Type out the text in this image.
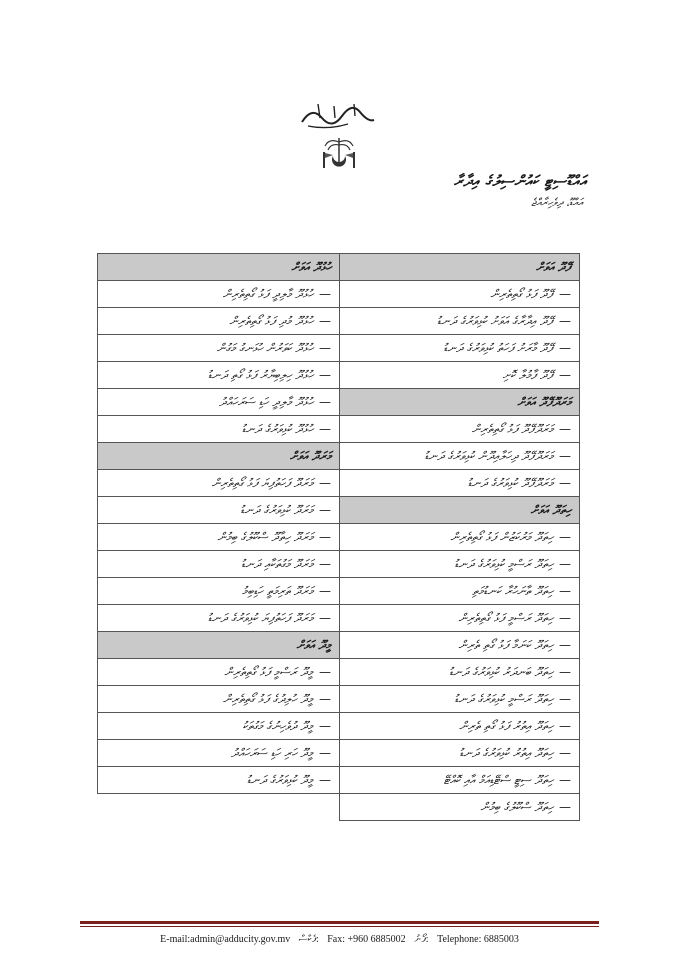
އައްޑޫސިޓީ ކައުންސިލުގެ އިދާރާ
އައްޑޫ، ދިވެހިރާއްޖެ
ހުޅުދޫ އަވަށް
—ހުޅުދޫ މާލިދީ ފަޅު ގޯތިތެރިން
—ހުޅުދޫ މުދި ފަޅު ގޯތިތެރިން
—ހުޅުދޫ ކަވަރުން ހުޅަނގު މަގުން
—ހުޅުދޫ ހިލިބިޔާރު ފަޅު ގޯތި ދަނޑު
—ހުޅުދޫ މާލިދީ ހަޑި ސަރަހައްދު
—ހުޅުދޫ ކުޅިވަރުގެ ދަނޑު
މަރަދޫ އަވަށް
—މަރަދޫ ފަހަތުފިޔަ ފަޅު ގޯތިތެރިން
—މަރަދޫ ކުޅިވަރުގެ ދަނޑު
—މަރަދޫ ހިތާދޫ ސްކޫލުގެ ބިމުން
—މަރަދޫ މަގުތަކާއި ދަނޑު
—މަރަދޫ ތަރިމަތީ ހަޑިބިމު
—މަރަދޫ ފަހަތުފިޔަ ކުޅިވަރުގެ ދަނޑު
މީދޫ އަވަށް
—މީދޫ ރަސްމީ ފަޅު ގޯތިތެރިން
—މީދޫ ހުލިދުގެ ފަޅު ގޯތިތެރިން
—މީދޫ ދުވެހިނުގެ މަގުތަކު
—މީދޫ ހަރި ހަޑި ސަރަހައްދު
—މީދޫ ކުޅިވަރުގެ ދަނޑު
ފޭދޫ އަވަށް
—ފޭދޫ ފަޅު ގޯތިތެރިން
—ފޭދޫ އިދާރާގެ އަވަށު ކުޅިވަރުގެ ދަނޑު
—ފޭދޫ މާރަށު ފަހަތު ކުޅިވަރުގެ ދަނޑު
—ފޭދޫ ފާމުލާ ކޮށި
މަރަދޫފޭދޫ އަވަށް
—މަރަދޫފޭދޫ ފަޅު ގޯތިތެރިން
—މަރަދޫފޭދޫ ދިހަލާއިދޫން ކުޅިވަރުގެ ދަނޑު
—މަރަދޫފޭދޫ ކުޅިވަރުގެ ދަނޑު
ހިތަދޫ އަވަށް
—ހިތަދޫ މަރުކަޒުން ފަޅު ގޯތިތެރިން
—ހިތަދޫ ރަސްމީ ކުޅިވަރުގެ ދަނޑު
—ހިތަދޫ ތާނަހުރާ ކަނޑުމަތި
—ހިތަދޫ ރަސްމީ ފަޅު ގޯތިތެރިން
—ހިތަދޫ ކަނަމާ ފަޅު ގޯތި ތެރިން
—ހިތަދޫ ބަނދަރު ކުޅިވަރުގެ ދަނޑު
—ހިތަދޫ ރަސްމީ ކުޅިވަރުގެ ދަނޑު
—ހިތަދޫ އިތުރު ފަޅު ގޯތި ތެރިން
—ހިތަދޫ އިތުރު ކުޅިވަރުގެ ދަނޑު
—ހިތަދޫ ސިޓީ ސްޓޭޑިއަމް އާއި ކޮއްޓޭ
—ހިތަދޫ ސްކޫލުގެ ބިމުން
E-mail:admin@adducity.gov.mv ފެކްސް: Fax: +960 6885002 ފޯނު: Telephone: 6885003
